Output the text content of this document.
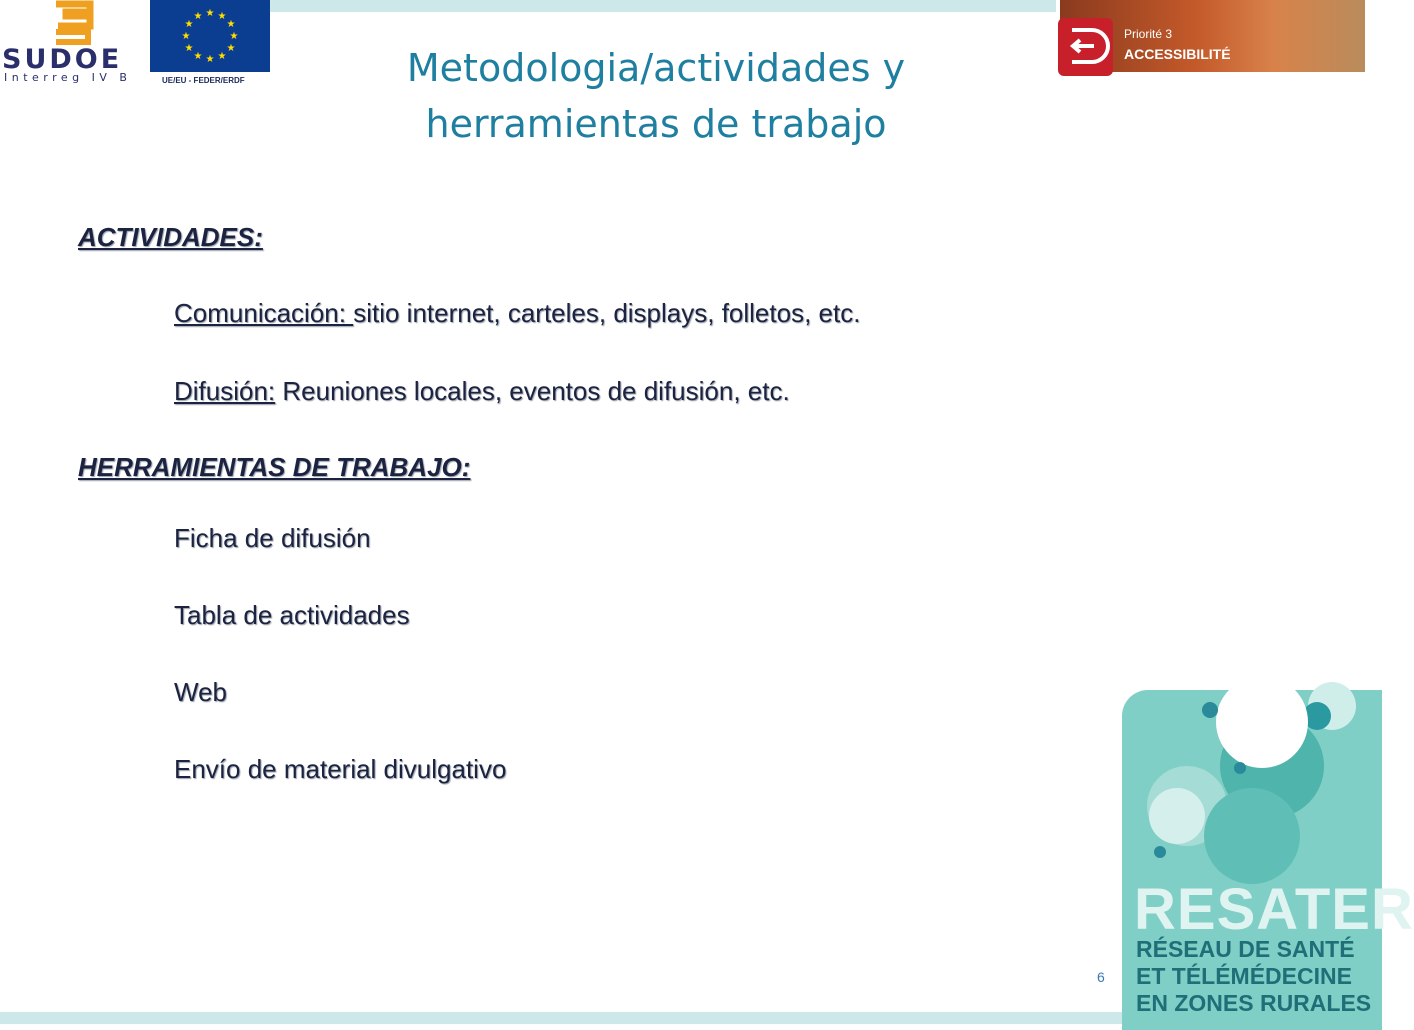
SUDOE
Interreg IV B
★ ★
★
★
★
★
★
★
★
★
★
★
UE/EU - FEDER/ERDF
Priorité 3
ACCESSIBILITÉ
Metodologia/actividades y
herramientas de trabajo
ACTIVIDADES:
Comunicación: sitio internet, carteles, displays, folletos, etc.
Difusión: Reuniones locales, eventos de difusión, etc.
HERRAMIENTAS DE TRABAJO:
Ficha de difusión
Tabla de actividades
Web
Envío de material divulgativo
6
RESATER
RÉSEAU DE SANTÉ
ET TÉLÉMÉDECINE
EN ZONES RURALES
